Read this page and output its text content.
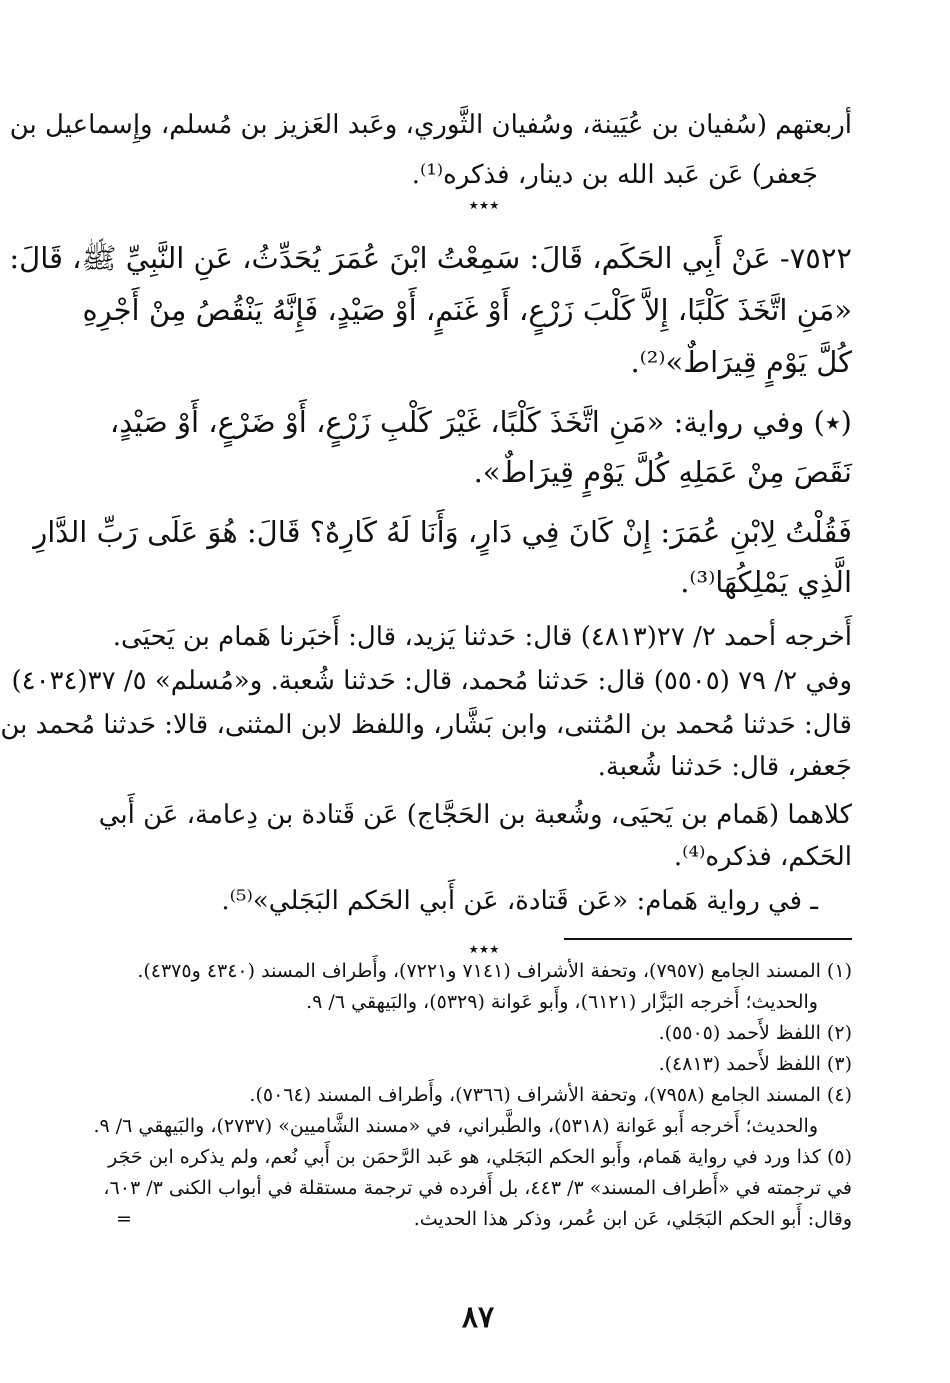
أربعتهم (سُفيان بن عُيَينة، وسُفيان الثَّوري، وعَبد العَزيز بن مُسلم، وإِسماعيل بن
جَعفر) عَن عَبد الله بن دينار، فذكره⁽¹⁾.
٭٭٭
٧٥٢٢- عَنْ أَبِي الحَكَم، قَالَ: سَمِعْتُ ابْنَ عُمَرَ يُحَدِّثُ، عَنِ النَّبِيِّ ﷺ، قَالَ:
«مَنِ اتَّخَذَ كَلْبًا، إِلاَّ كَلْبَ زَرْعٍ، أَوْ غَنَمٍ، أَوْ صَيْدٍ، فَإِنَّهُ يَنْقُصُ مِنْ أَجْرِهِ
كُلَّ يَوْمٍ قِيرَاطٌ»⁽²⁾.
(٭) وفي رواية: «مَنِ اتَّخَذَ كَلْبًا، غَيْرَ كَلْبِ زَرْعٍ، أَوْ ضَرْعٍ، أَوْ صَيْدٍ،
نَقَصَ مِنْ عَمَلِهِ كُلَّ يَوْمٍ قِيرَاطٌ».
فَقُلْتُ لِابْنِ عُمَرَ: إِنْ كَانَ فِي دَارٍ، وَأَنَا لَهُ كَارِهٌ؟ قَالَ: هُوَ عَلَى رَبِّ الدَّارِ
الَّذِي يَمْلِكُهَا⁽³⁾.
أَخرجه أحمد ٢/ ٢٧(٤٨١٣) قال: حَدثنا يَزيد، قال: أَخبَرنا هَمام بن يَحيَى.
وفي ٢/ ٧٩ (٥٥٠٥) قال: حَدثنا مُحمد، قال: حَدثنا شُعبة. و«مُسلم» ٥/ ٣٧(٤٠٣٤)
قال: حَدثنا مُحمد بن المُثنى، وابن بَشَّار، واللفظ لابن المثنى، قالا: حَدثنا مُحمد بن
جَعفر، قال: حَدثنا شُعبة.
كلاهما (هَمام بن يَحيَى، وشُعبة بن الحَجَّاج) عَن قَتادة بن دِعامة، عَن أَبي
الحَكم، فذكره⁽⁴⁾.
ـ في رواية هَمام: «عَن قَتادة، عَن أَبي الحَكم البَجَلي»⁽⁵⁾.
٭٭٭
(١) المسند الجامع (٧٩٥٧)، وتحفة الأشراف (٧١٤١ و٧٢٢١)، وأَطراف المسند (٤٣٤٠ و٤٣٧٥).
والحديث؛ أَخرجه البَزَّار (٦١٢١)، وأَبو عَوانة (٥٣٢٩)، والبَيهقي ٦/ ٩.
(٢) اللفظ لأَحمد (٥٥٠٥).
(٣) اللفظ لأَحمد (٤٨١٣).
(٤) المسند الجامع (٧٩٥٨)، وتحفة الأشراف (٧٣٦٦)، وأَطراف المسند (٥٠٦٤).
والحديث؛ أَخرجه أَبو عَوانة (٥٣١٨)، والطَّبراني، في «مسند الشَّاميين» (٢٧٣٧)، والبَيهقي ٦/ ٩.
(٥) كذا ورد في رواية هَمام، وأَبو الحكم البَجَلي، هو عَبد الرَّحمَن بن أَبي نُعم، ولم يذكره ابن حَجَر
في ترجمته في «أَطراف المسند» ٣/ ٤٤٣، بل أَفرده في ترجمة مستقلة في أبواب الكنى ٣/ ٦٠٣،
وقال: أَبو الحكم البَجَلي، عَن ابن عُمر، وذكر هذا الحديث.
=
٨٧
